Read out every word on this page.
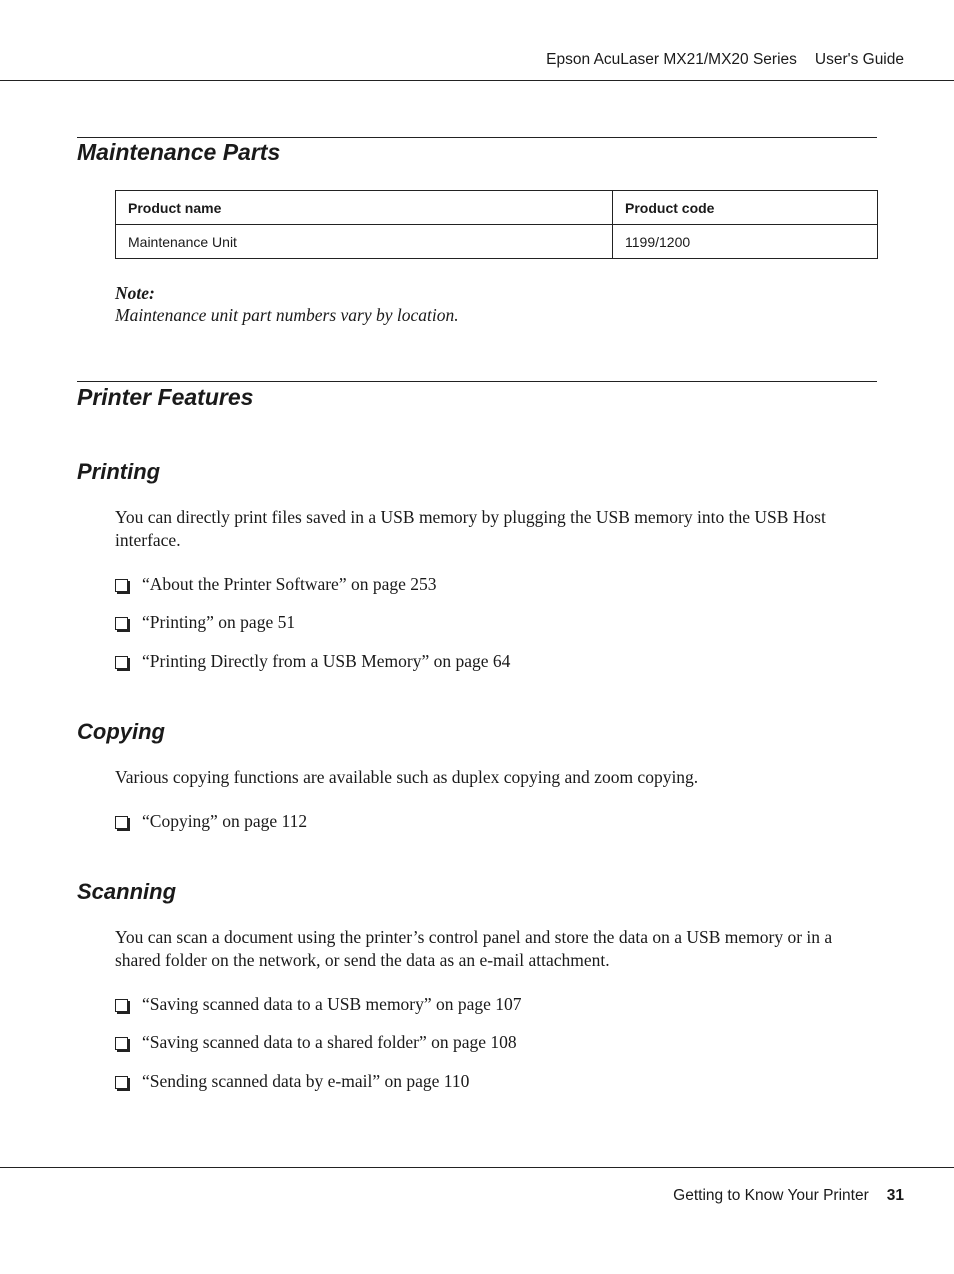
Epson AcuLaser MX21/MX20 Series User's Guide
Maintenance Parts
Product name	Product code
Maintenance Unit	1199/1200
Note:
Maintenance unit part numbers vary by location.
Printer Features
Printing
You can directly print files saved in a USB memory by plugging the USB memory into the USB Host interface.
“About the Printer Software” on page 253
“Printing” on page 51
“Printing Directly from a USB Memory” on page 64
Copying
Various copying functions are available such as duplex copying and zoom copying.
“Copying” on page 112
Scanning
You can scan a document using the printer’s control panel and store the data on a USB memory or in a shared folder on the network, or send the data as an e-mail attachment.
“Saving scanned data to a USB memory” on page 107
“Saving scanned data to a shared folder” on page 108
“Sending scanned data by e-mail” on page 110
Getting to Know Your Printer 31
